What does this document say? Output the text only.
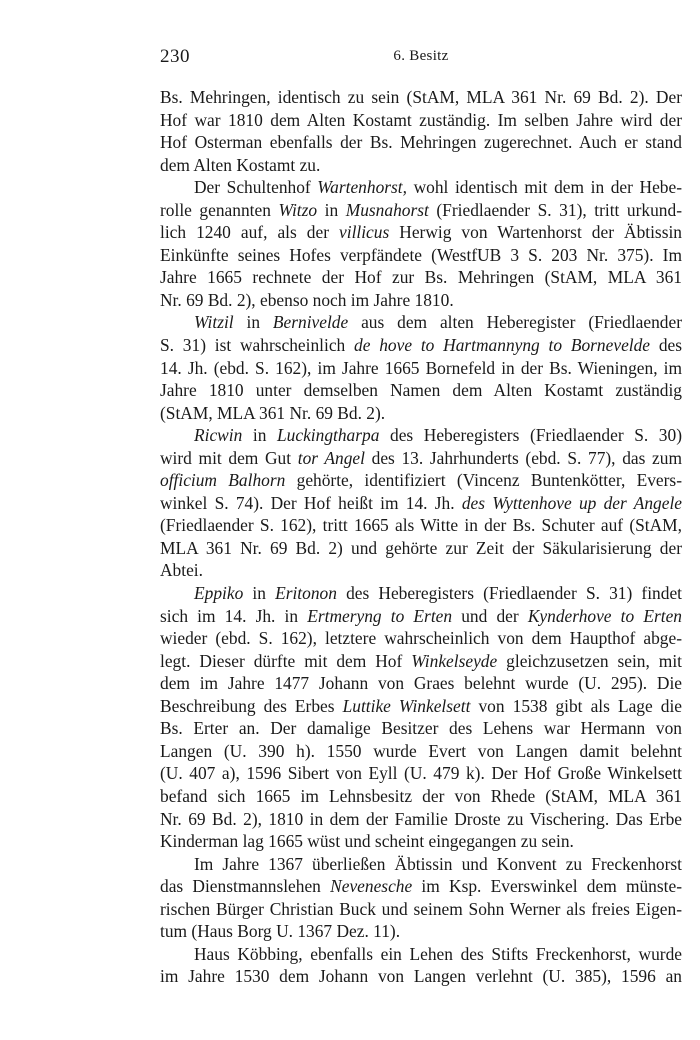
230	6. Besitz
Bs. Mehringen, identisch zu sein (StAM, MLA 361 Nr. 69 Bd. 2). Der
Hof war 1810 dem Alten Kostamt zuständig. Im selben Jahre wird der
Hof Osterman ebenfalls der Bs. Mehringen zugerechnet. Auch er stand
dem Alten Kostamt zu.
Der Schultenhof Wartenhorst, wohl identisch mit dem in der Hebe-
rolle genannten Witzo in Musnahorst (Friedlaender S. 31), tritt urkund-
lich 1240 auf, als der villicus Herwig von Wartenhorst der Äbtissin
Einkünfte seines Hofes verpfändete (WestfUB 3 S. 203 Nr. 375). Im
Jahre 1665 rechnete der Hof zur Bs. Mehringen (StAM, MLA 361
Nr. 69 Bd. 2), ebenso noch im Jahre 1810.
Witzil in Bernivelde aus dem alten Heberegister (Friedlaender
S. 31) ist wahrscheinlich de hove to Hartmannyng to Bornevelde des
14. Jh. (ebd. S. 162), im Jahre 1665 Bornefeld in der Bs. Wieningen, im
Jahre 1810 unter demselben Namen dem Alten Kostamt zuständig
(StAM, MLA 361 Nr. 69 Bd. 2).
Ricwin in Luckingtharpa des Heberegisters (Friedlaender S. 30)
wird mit dem Gut tor Angel des 13. Jahrhunderts (ebd. S. 77), das zum
officium Balhorn gehörte, identifiziert (Vincenz Buntenkötter, Evers-
winkel S. 74). Der Hof heißt im 14. Jh. des Wyttenhove up der Angele
(Friedlaender S. 162), tritt 1665 als Witte in der Bs. Schuter auf (StAM,
MLA 361 Nr. 69 Bd. 2) und gehörte zur Zeit der Säkularisierung der
Abtei.
Eppiko in Eritonon des Heberegisters (Friedlaender S. 31) findet
sich im 14. Jh. in Ertmeryng to Erten und der Kynderhove to Erten
wieder (ebd. S. 162), letztere wahrscheinlich von dem Haupthof abge-
legt. Dieser dürfte mit dem Hof Winkelseyde gleichzusetzen sein, mit
dem im Jahre 1477 Johann von Graes belehnt wurde (U. 295). Die
Beschreibung des Erbes Luttike Winkelsett von 1538 gibt als Lage die
Bs. Erter an. Der damalige Besitzer des Lehens war Hermann von
Langen (U. 390 h). 1550 wurde Evert von Langen damit belehnt
(U. 407 a), 1596 Sibert von Eyll (U. 479 k). Der Hof Große Winkelsett
befand sich 1665 im Lehnsbesitz der von Rhede (StAM, MLA 361
Nr. 69 Bd. 2), 1810 in dem der Familie Droste zu Vischering. Das Erbe
Kinderman lag 1665 wüst und scheint eingegangen zu sein.
Im Jahre 1367 überließen Äbtissin und Konvent zu Freckenhorst
das Dienstmannslehen Nevenesche im Ksp. Everswinkel dem münste-
rischen Bürger Christian Buck und seinem Sohn Werner als freies Eigen-
tum (Haus Borg U. 1367 Dez. 11).
Haus Köbbing, ebenfalls ein Lehen des Stifts Freckenhorst, wurde
im Jahre 1530 dem Johann von Langen verlehnt (U. 385), 1596 an
